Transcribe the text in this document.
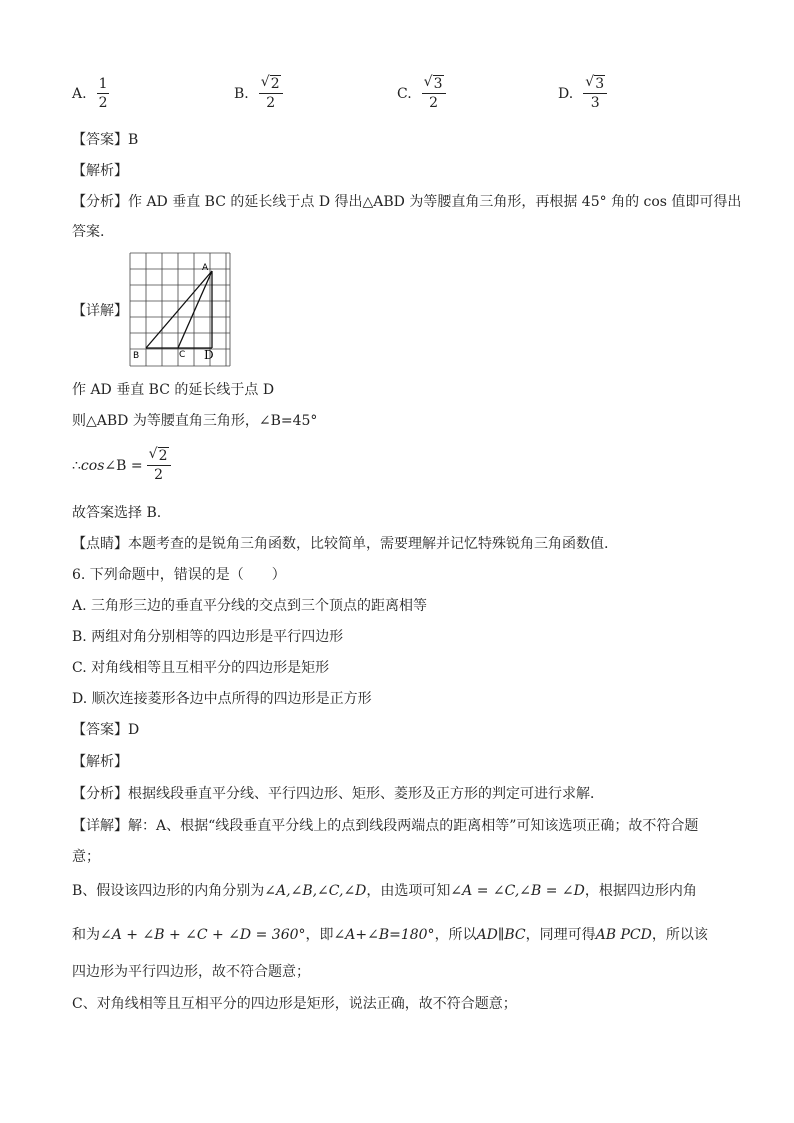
A. $\frac{1}{2}$	B. $\frac{√ 2}{2}$	C. $\frac{√ 3}{2}$	D. $\frac{√ 3}{3}$
【答案】B
【解析】
【分析】作 AD 垂直 BC 的延长线于点 D 得出△ABD 为等腰直角三角形，再根据 45° 角的 cos 值即可得出
答案.
【详解】
A
B	C D
作 AD 垂直 BC 的延长线于点 D
则△ABD 为等腰直角三角形，∠B=45°
∴ cos∠ $B = \frac{√ 2}{2}$
故答案选择 B.
【点睛】本题考查的是锐角三角函数，比较简单，需要理解并记忆特殊锐角三角函数值.
6. 下列命题中，错误的是（　　）
A. 三角形三边的垂直平分线的交点到三个顶点的距离相等
B. 两组对角分别相等的四边形是平行四边形
C. 对角线相等且互相平分的四边形是矩形
D. 顺次连接菱形各边中点所得的四边形是正方形
【答案】D
【解析】
【分析】根据线段垂直平分线、平行四边形、矩形、菱形及正方形的判定可进行求解．
【详解】解：A、根据“线段垂直平分线上的点到线段两端点的距离相等”可知该选项正确；故不符合题
意；
B、假设该四边形的内角分别为∠A,∠B,∠C,∠D，由选项可知∠A = ∠C,∠B = ∠D，根据四边形内角
和为∠A + ∠B + ∠C + ∠D = 360°，即∠A+∠B=180°，所以AD∥BC，同理可得AB PCD，所以该
四边形为平行四边形，故不符合题意；
C、对角线相等且互相平分的四边形是矩形，说法正确，故不符合题意；
